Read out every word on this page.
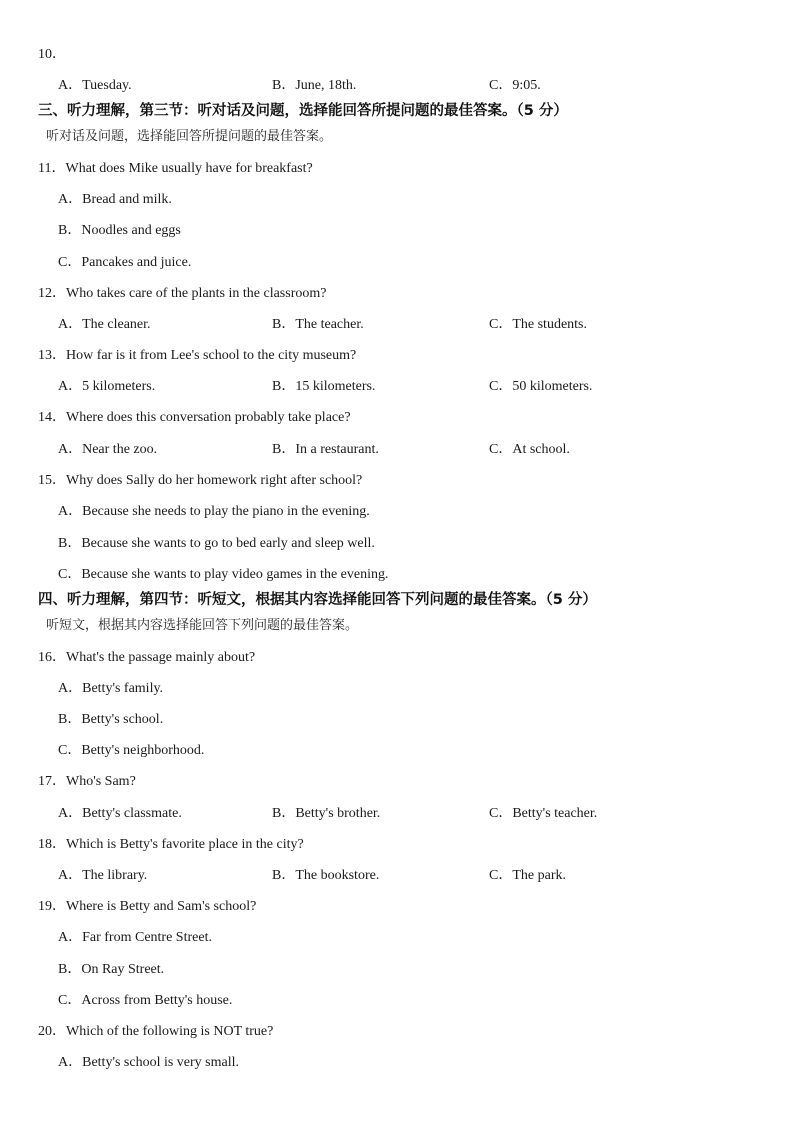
10．
A．Tuesday.	B．June, 18th.	C．9:05.
三、听力理解，第三节：听对话及问题，选择能回答所提问题的最佳答案。（5 分）
听对话及问题，选择能回答所提问题的最佳答案。
11．What does Mike usually have for breakfast?
A．Bread and milk.
B．Noodles and eggs
C．Pancakes and juice.
12．Who takes care of the plants in the classroom?
A．The cleaner.	B．The teacher.	C．The students.
13．How far is it from Lee's school to the city museum?
A．5 kilometers.	B．15 kilometers.	C．50 kilometers.
14．Where does this conversation probably take place?
A．Near the zoo.	B．In a restaurant.	C．At school.
15．Why does Sally do her homework right after school?
A．Because she needs to play the piano in the evening.
B．Because she wants to go to bed early and sleep well.
C．Because she wants to play video games in the evening.
四、听力理解，第四节：听短文，根据其内容选择能回答下列问题的最佳答案。（5 分）
听短文，根据其内容选择能回答下列问题的最佳答案。
16．What's the passage mainly about?
A．Betty's family.
B．Betty's school.
C．Betty's neighborhood.
17．Who's Sam?
A．Betty's classmate.	B．Betty's brother.	C．Betty's teacher.
18．Which is Betty's favorite place in the city?
A．The library.	B．The bookstore.	C．The park.
19．Where is Betty and Sam's school?
A．Far from Centre Street.
B．On Ray Street.
C．Across from Betty's house.
20．Which of the following is NOT true?
A．Betty's school is very small.
